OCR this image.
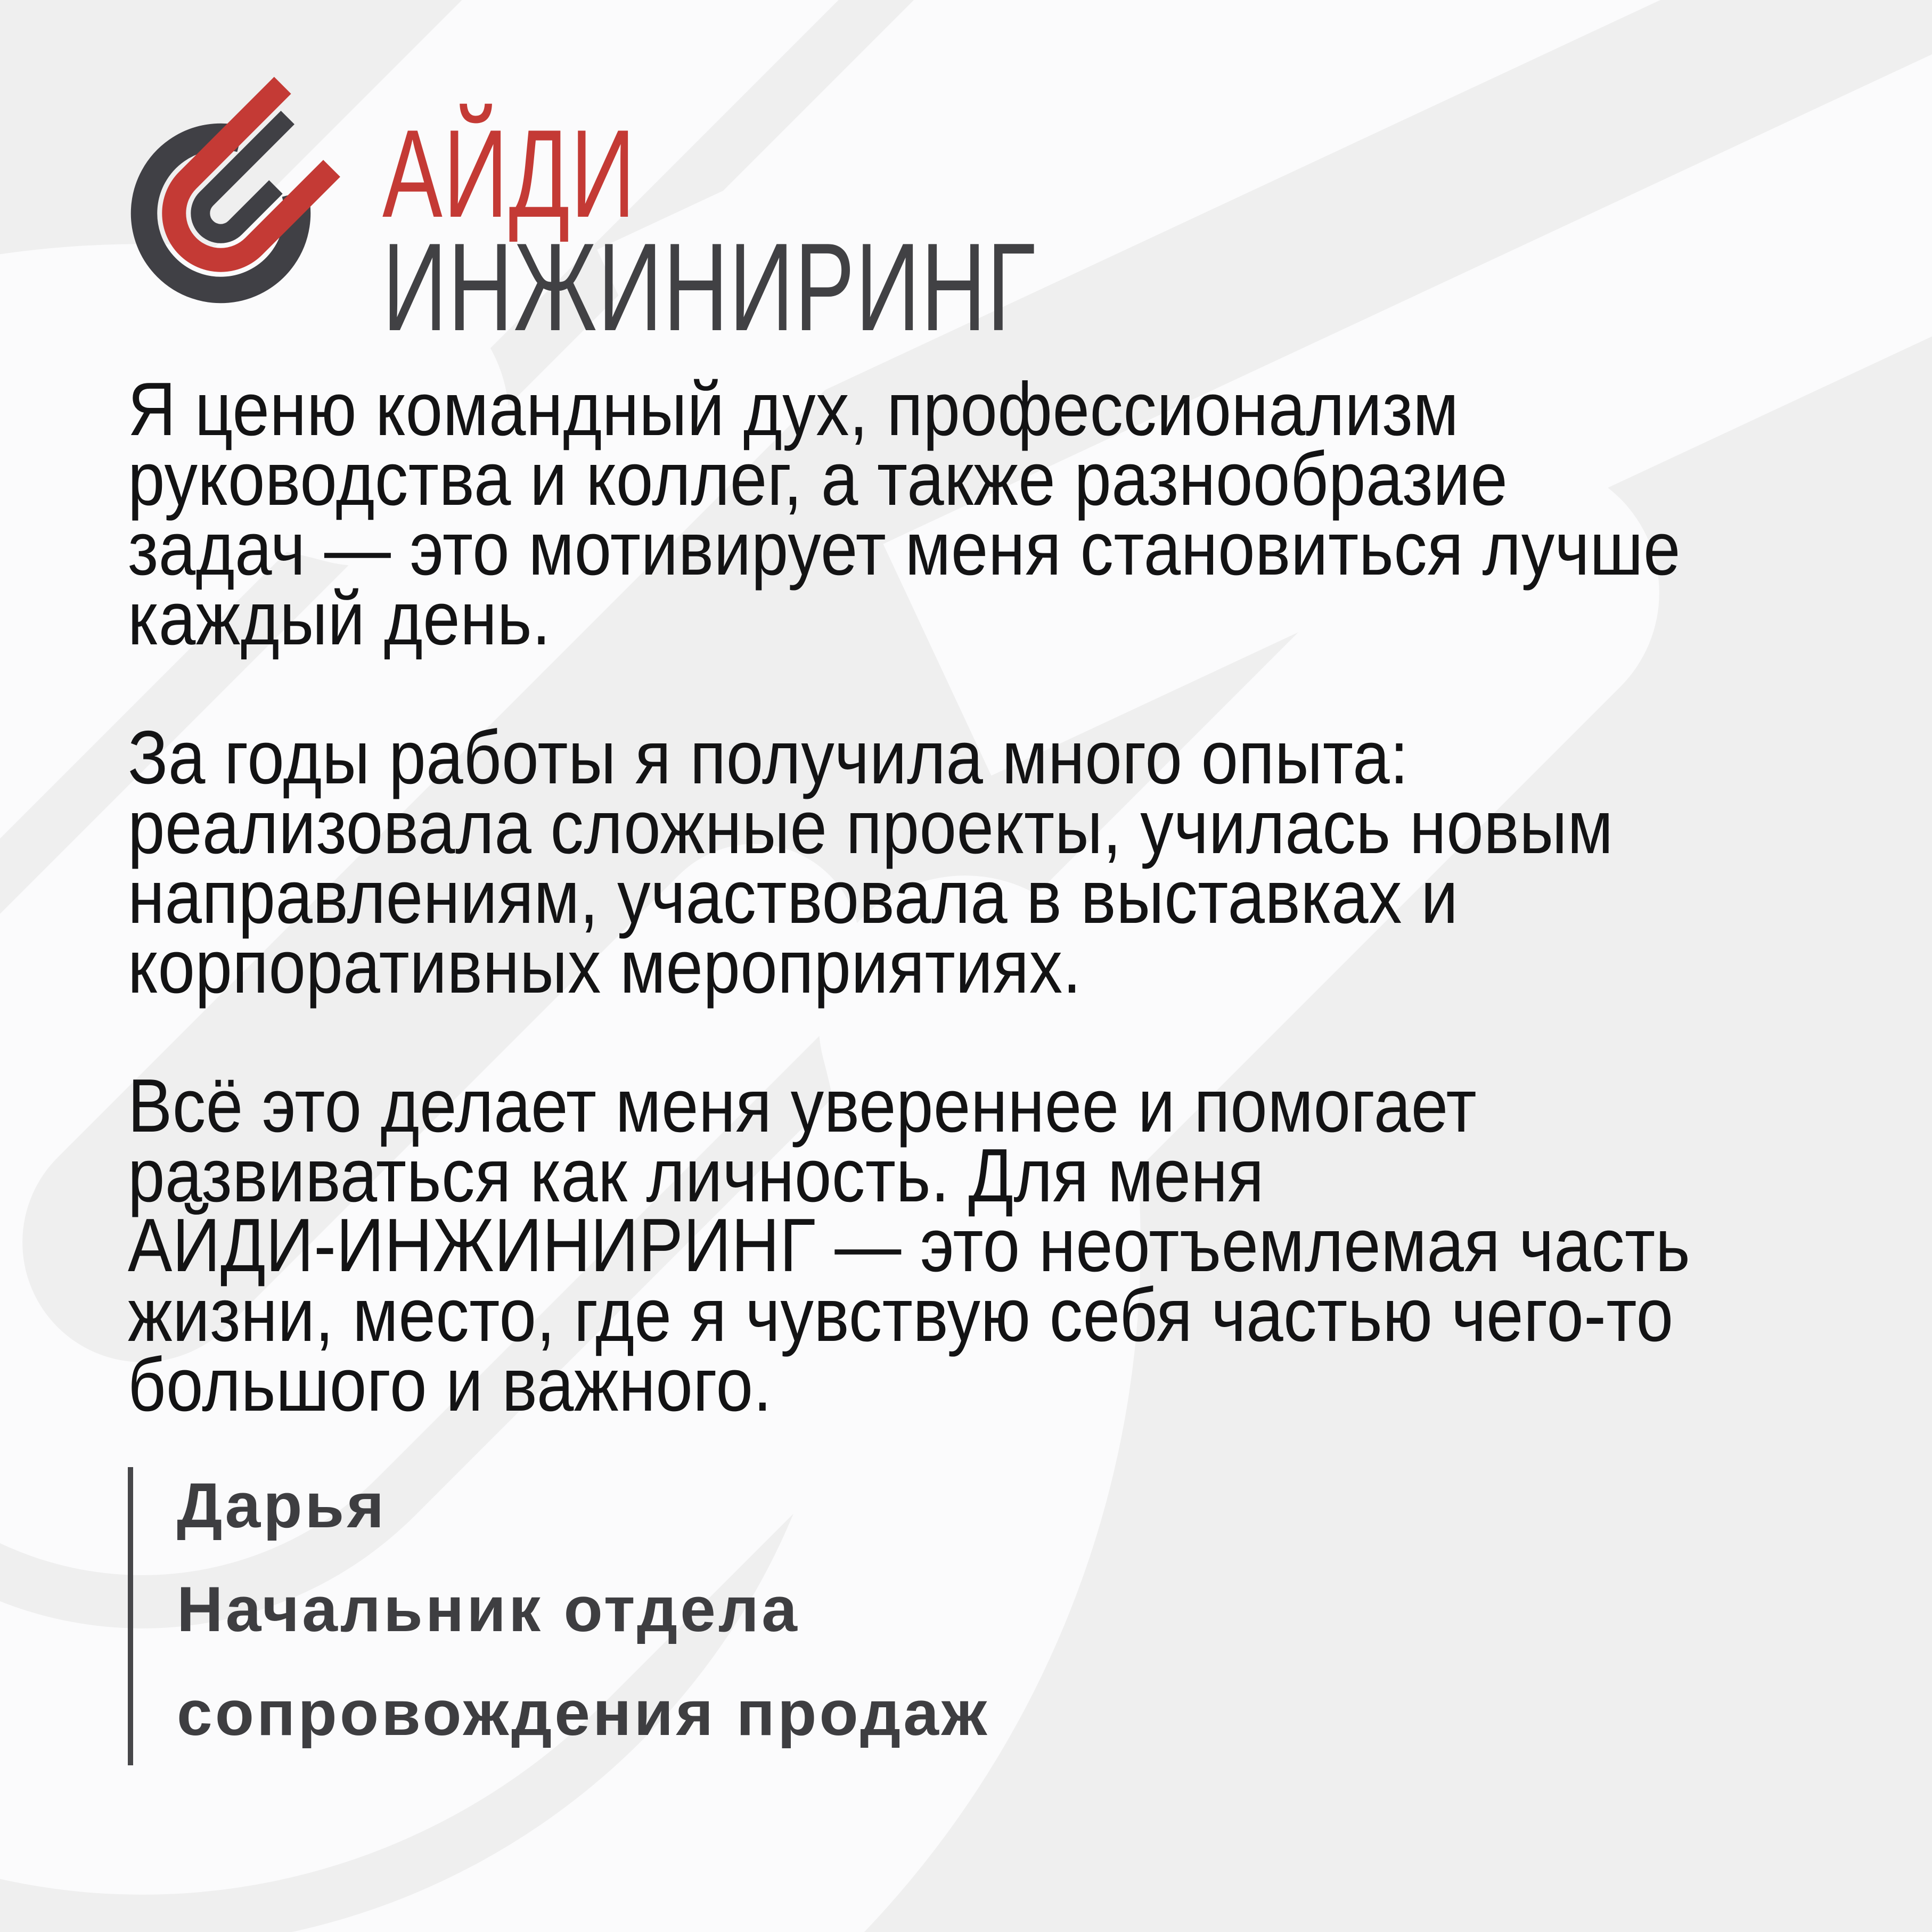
АЙДИ
ИНЖИНИРИНГ

Я ценю командный дух, профессионализм
руководства и коллег, а также разнообразие
задач — это мотивирует меня становиться лучше
каждый день.

За годы работы я получила много опыта:
реализовала сложные проекты, училась новым
направлениям, участвовала в выставках и
корпоративных мероприятиях.

Всё это делает меня увереннее и помогает
развиваться как личность. Для меня
АЙДИ-ИНЖИНИРИНГ — это неотъемлемая часть
жизни, место, где я чувствую себя частью чего-то
большого и важного.

Дарья
Начальник отдела
сопровождения продаж
